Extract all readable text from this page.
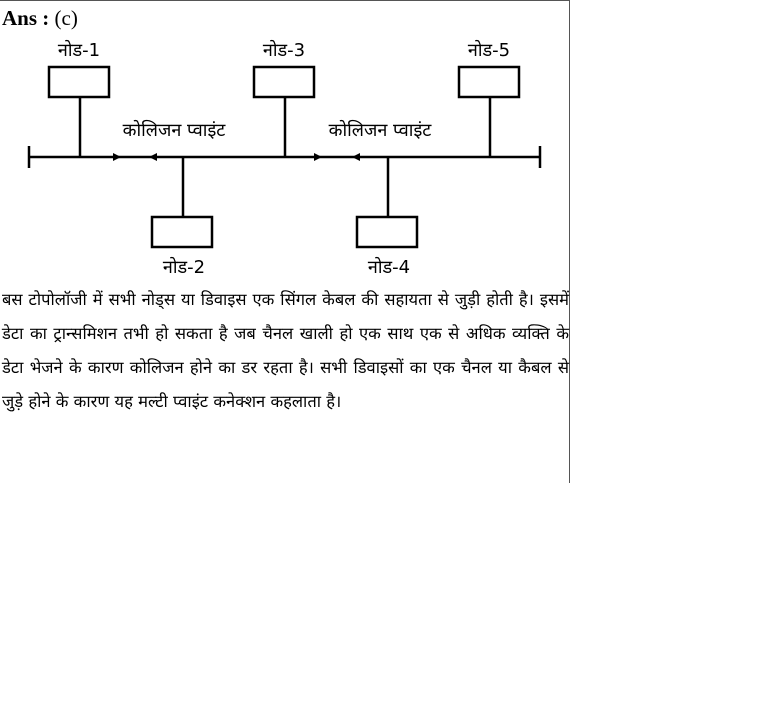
Ans : (c)
नोड-1	नोड-3	नोड-5
नोड-2	नोड-4
कोलिजन प्वाइंट	कोलिजन प्वाइंट

बस टोपोलॉजी में सभी नोड्स या डिवाइस एक सिंगल केबल की सहायता से जुड़ी होती है। इसमें डेटा का ट्रान्समिशन तभी हो सकता है जब चैनल खाली हो एक साथ एक से अधिक व्यक्ति के डेटा भेजने के कारण कोलिजन होने का डर रहता है। सभी डिवाइसों का एक चैनल या कैबल से जुड़े होने के कारण यह मल्टी प्वाइंट कनेक्शन कहलाता है।
